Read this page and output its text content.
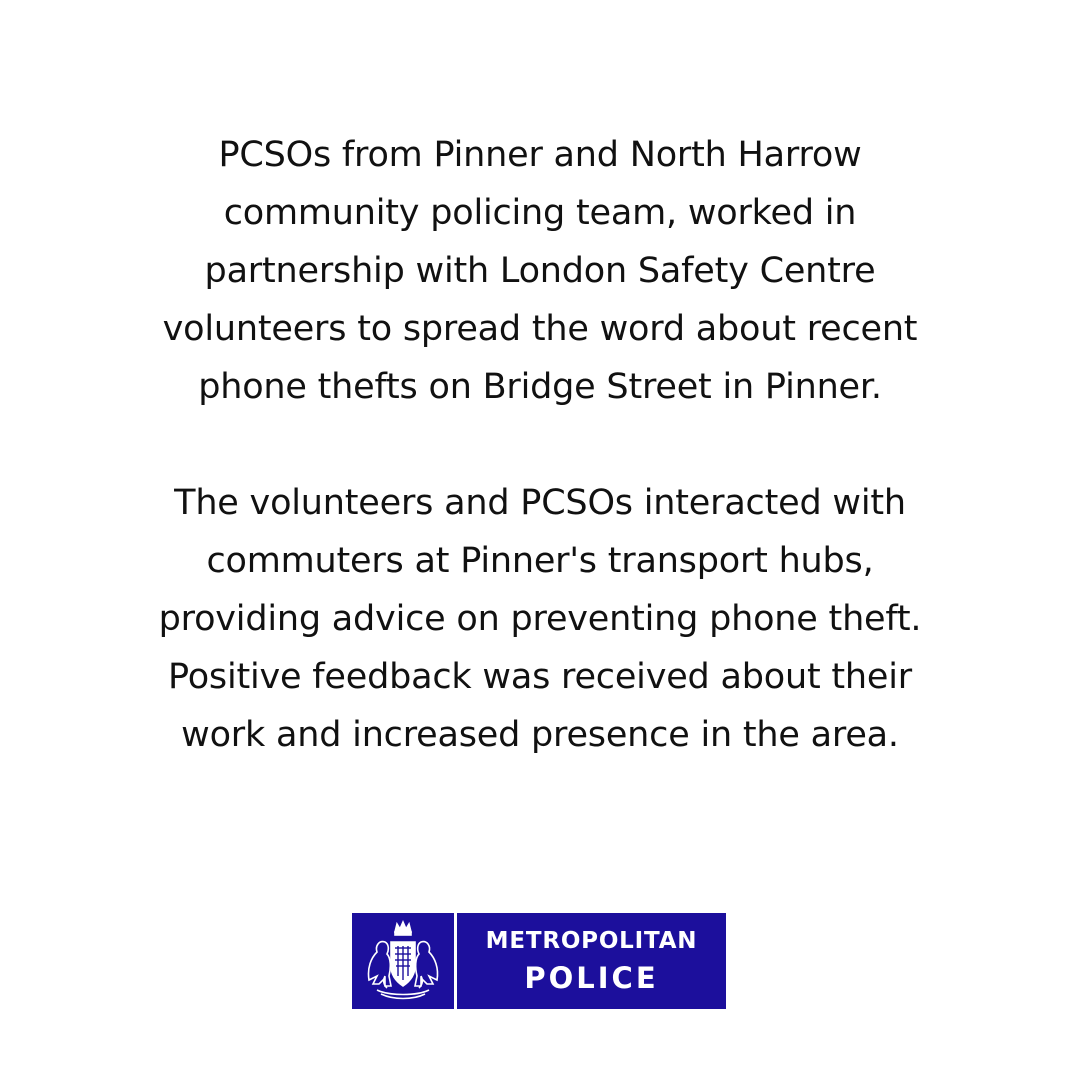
PCSOs from Pinner and North Harrow
community policing team, worked in
partnership with London Safety Centre
volunteers to spread the word about recent
phone thefts on Bridge Street in Pinner.

The volunteers and PCSOs interacted with
commuters at Pinner's transport hubs,
providing advice on preventing phone theft.
Positive feedback was received about their
work and increased presence in the area.

METROPOLITAN
POLICE
